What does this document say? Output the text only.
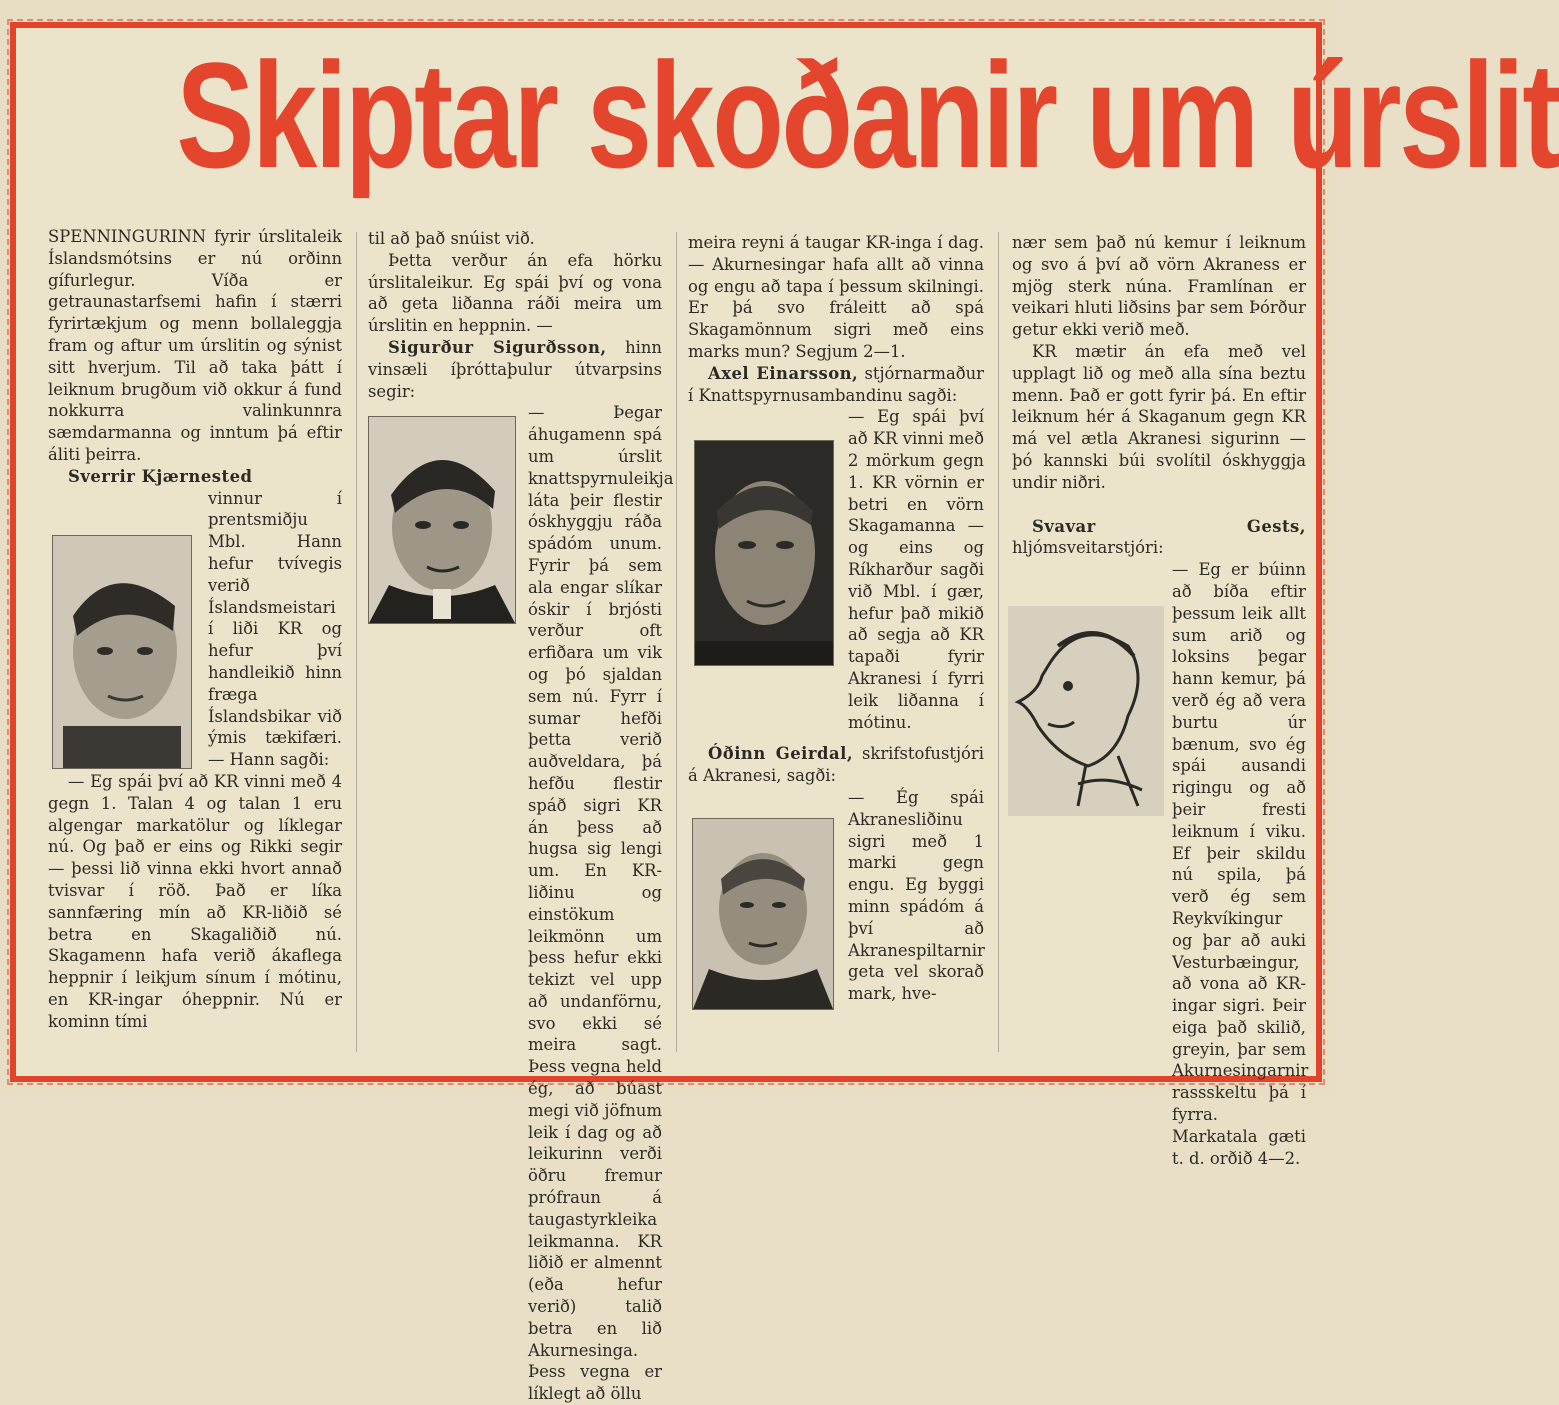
Skiptar skoðanir um úrslit

SPENNINGURINN fyrir úrslitaleik Íslandsmótsins er nú orðinn gífurlegur. Víða er getraunastarfsemi hafin í stærri fyrirtækjum og menn bollaleggja fram og aftur um úrslitin og sýnist sitt hverjum. Til að taka þátt í leiknum brugðum við okkur á fund nokkurra valinkunnra sæmdarmanna og inntum þá eftir áliti þeirra.

Sverrir Kjærnested
vinnur í prentsmiðju Mbl. Hann hefur tvívegis verið Íslandsmeistari í liði KR og hefur því handleikið hinn fræga Íslandsbikar við ýmis tækifæri. — Hann sagði:

— Eg spái því að KR vinni með 4 gegn 1. Talan 4 og talan 1 eru algengar markatölur og líklegar nú. Og það er eins og Rikki segir — þessi lið vinna ekki hvort annað tvisvar í röð. Það er líka sannfæring mín að KR-liðið sé betra en Skagaliðið nú. Skagamenn hafa verið ákaflega heppnir í leikjum sínum í mótinu, en KR-ingar óheppnir. Nú er kominn tími

til að það snúist við.

Þetta verður án efa hörku úrslitaleikur. Eg spái því og vona að geta liðanna ráði meira um úrslitin en heppnin. —

Sigurður Sigurðsson, hinn vinsæli íþróttaþulur útvarpsins segir:

— Þegar áhugamenn spá um úrslit knattspyrnuleikja láta þeir flestir óskhyggju ráða spádóm unum. Fyrir þá sem ala engar slíkar óskir í brjósti verður oft erfiðara um vik og þó sjaldan sem nú. Fyrr í sumar hefði þetta verið auðveldara, þá hefðu flestir spáð sigri KR án þess að hugsa sig lengi um. En KR-liðinu og einstökum leikmönn um þess hefur ekki tekizt vel upp að undanförnu, svo ekki sé meira sagt. Þess vegna held ég, að búast megi við jöfnum leik í dag og að leikurinn verði öðru fremur prófraun á taugastyrkleika leikmanna. KR liðið er almennt (eða hefur verið) talið betra en lið Akurnesinga. Þess vegna er líklegt að öllu

meira reyni á taugar KR-inga í dag. — Akurnesingar hafa allt að vinna og engu að tapa í þessum skilningi. Er þá svo fráleitt að spá Skagamönnum sigri með eins marks mun? Segjum 2—1.

Axel Einarsson, stjórnarmaður í Knattspyrnusambandinu sagði:

— Eg spái því að KR vinni með 2 mörkum gegn 1. KR vörnin er betri en vörn Skagamanna — og eins og Ríkharður sagði við Mbl. í gær, hefur það mikið að segja að KR tapaði fyrir Akranesi í fyrri leik liðanna í mótinu.

Óðinn Geirdal, skrifstofustjóri á Akranesi, sagði:

— Ég spái Akranesliðinu sigri með 1 marki gegn engu. Eg byggi minn spádóm á því að Akranespiltarnir geta vel skorað mark, hve-

nær sem það nú kemur í leiknum og svo á því að vörn Akraness er mjög sterk núna. Framlínan er veikari hluti liðsins þar sem Þórður getur ekki verið með.

KR mætir án efa með vel upplagt lið og með alla sína beztu menn. Það er gott fyrir þá. En eftir leiknum hér á Skaganum gegn KR má vel ætla Akranesi sigurinn — þó kannski búi svolítil óskhyggja undir niðri.

Svavar Gests, hljómsveitarstjóri:

— Eg er búinn að bíða eftir þessum leik allt sum arið og loksins þegar hann kemur, þá verð ég að vera burtu úr bænum, svo ég spái ausandi rigingu og að þeir fresti leiknum í viku. Ef þeir skildu nú spila, þá verð ég sem Reykvíkingur og þar að auki Vesturbæingur, að vona að KR-ingar sigri. Þeir eiga það skilið, greyin, þar sem Akurnesingarnir rassskeltu þá í fyrra. Markatala gæti t. d. orðið 4—2.
